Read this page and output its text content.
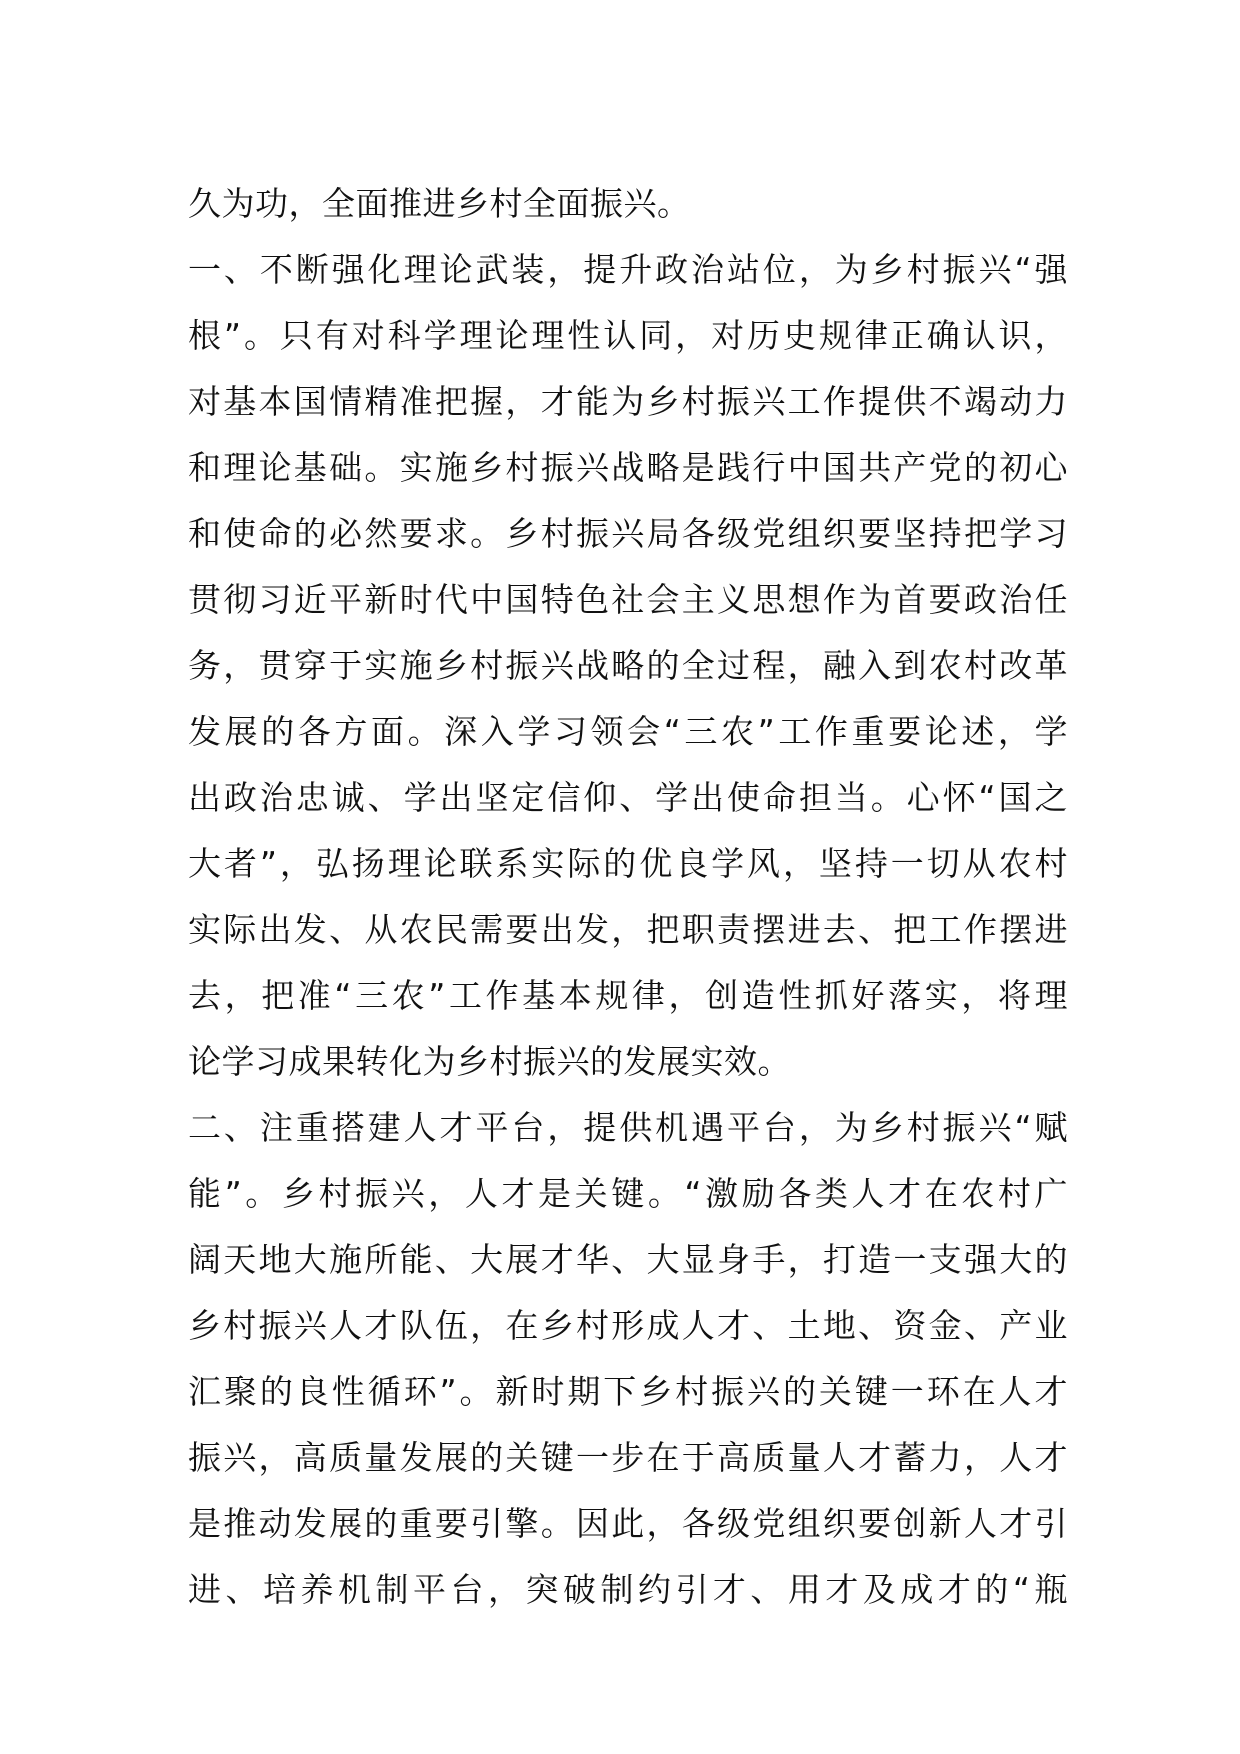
久为功，全面推进乡村全面振兴。
一、不断强化理论武装，提升政治站位，为乡村振兴“强
根”。只有对科学理论理性认同，对历史规律正确认识，
对基本国情精准把握，才能为乡村振兴工作提供不竭动力
和理论基础。实施乡村振兴战略是践行中国共产党的初心
和使命的必然要求。乡村振兴局各级党组织要坚持把学习
贯彻习近平新时代中国特色社会主义思想作为首要政治任
务，贯穿于实施乡村振兴战略的全过程，融入到农村改革
发展的各方面。深入学习领会“三农”工作重要论述，学
出政治忠诚、学出坚定信仰、学出使命担当。心怀“国之
大者”，弘扬理论联系实际的优良学风，坚持一切从农村
实际出发、从农民需要出发，把职责摆进去、把工作摆进
去，把准“三农”工作基本规律，创造性抓好落实，将理
论学习成果转化为乡村振兴的发展实效。
二、注重搭建人才平台，提供机遇平台，为乡村振兴“赋
能”。乡村振兴，人才是关键。“激励各类人才在农村广
阔天地大施所能、大展才华、大显身手，打造一支强大的
乡村振兴人才队伍，在乡村形成人才、土地、资金、产业
汇聚的良性循环”。新时期下乡村振兴的关键一环在人才
振兴，高质量发展的关键一步在于高质量人才蓄力，人才
是推动发展的重要引擎。因此，各级党组织要创新人才引
进、培养机制平台，突破制约引才、用才及成才的“瓶
